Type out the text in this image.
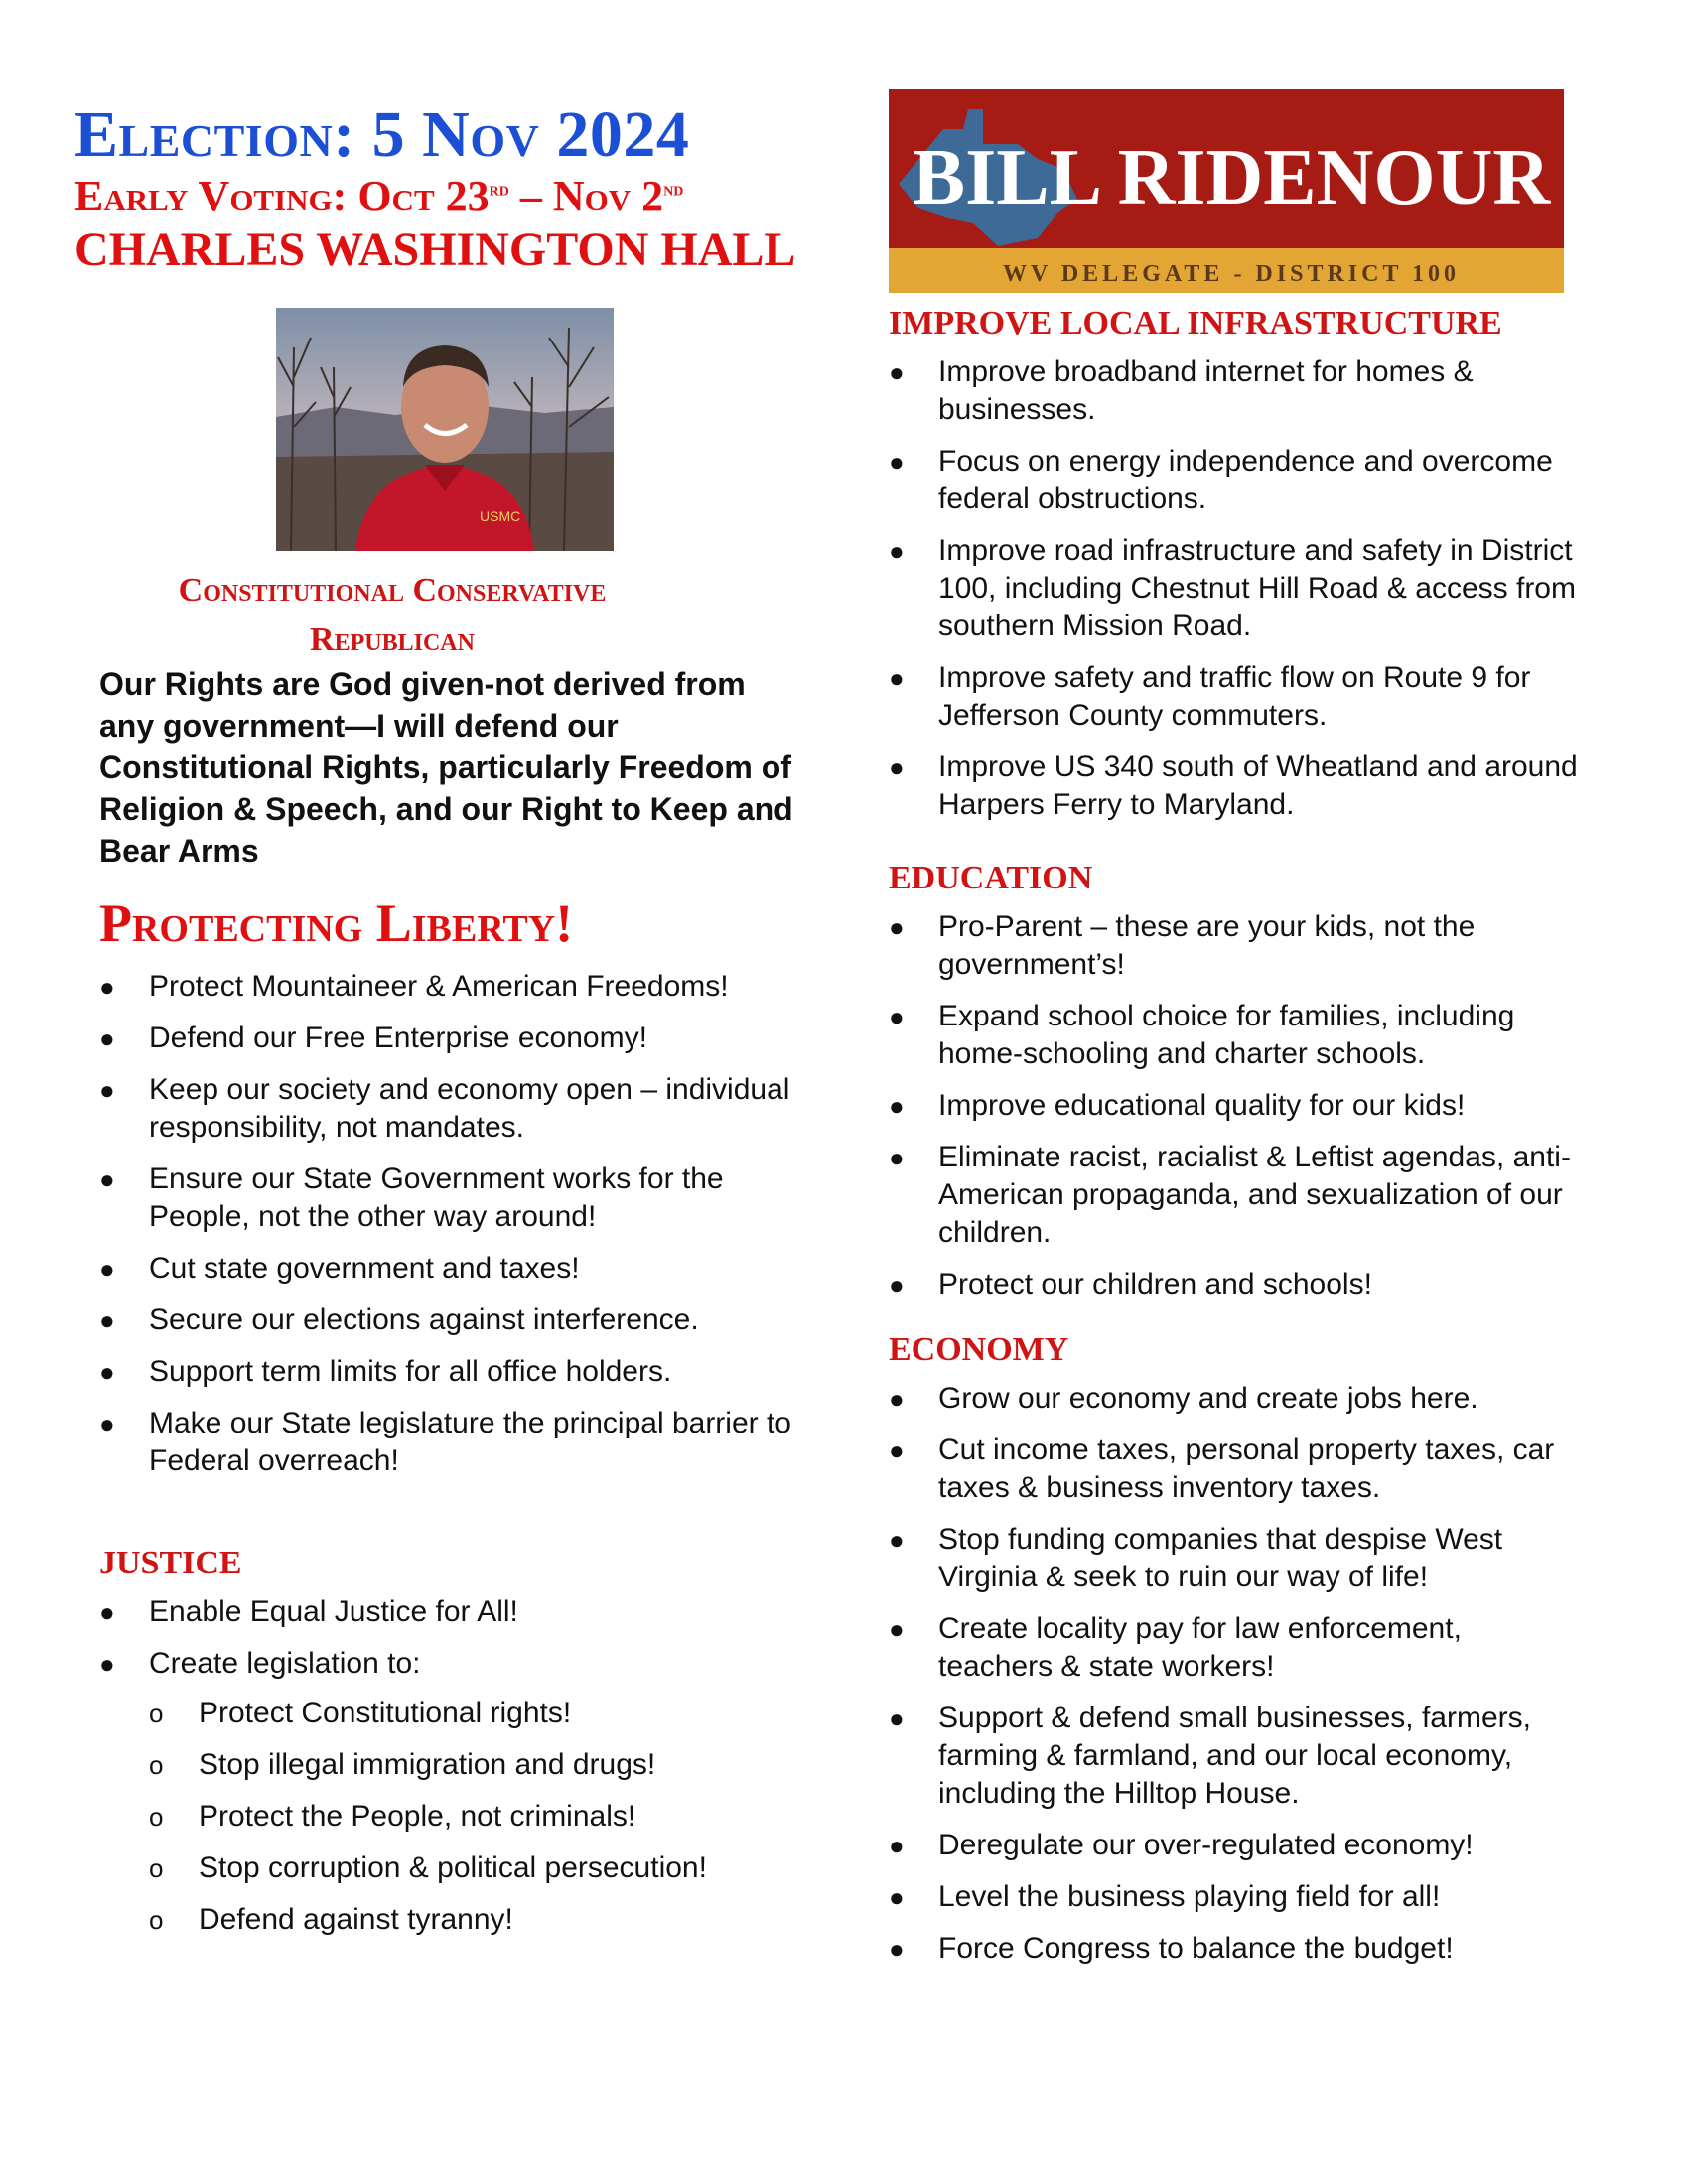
Election: 5 Nov 2024
Early Voting: Oct 23rd – Nov 2nd
CHARLES WASHINGTON HALL
USMC
Constitutional Conservative
Republican
Our Rights are God given-not derived from any government—I will defend our Constitutional Rights, particularly Freedom of Religion & Speech, and our Right to Keep and Bear Arms
Protecting Liberty!
● Protect Mountaineer & American Freedoms!
● Defend our Free Enterprise economy!
● Keep our society and economy open – individual responsibility, not mandates.
● Ensure our State Government works for the People, not the other way around!
● Cut state government and taxes!
● Secure our elections against interference.
● Support term limits for all office holders.
● Make our State legislature the principal barrier to Federal overreach!
JUSTICE
● Enable Equal Justice for All!
● Create legislation to:
o Protect Constitutional rights!
o Stop illegal immigration and drugs!
o Protect the People, not criminals!
o Stop corruption & political persecution!
o Defend against tyranny!
BILL RIDENOUR
WV DELEGATE - DISTRICT 100
IMPROVE LOCAL INFRASTRUCTURE
● Improve broadband internet for homes & businesses.
● Focus on energy independence and overcome federal obstructions.
● Improve road infrastructure and safety in District 100, including Chestnut Hill Road & access from southern Mission Road.
● Improve safety and traffic flow on Route 9 for Jefferson County commuters.
● Improve US 340 south of Wheatland and around Harpers Ferry to Maryland.
EDUCATION
● Pro-Parent – these are your kids, not the government’s!
● Expand school choice for families, including home-schooling and charter schools.
● Improve educational quality for our kids!
● Eliminate racist, racialist & Leftist agendas, anti-American propaganda, and sexualization of our children.
● Protect our children and schools!
ECONOMY
● Grow our economy and create jobs here.
● Cut income taxes, personal property taxes, car taxes & business inventory taxes.
● Stop funding companies that despise West Virginia & seek to ruin our way of life!
● Create locality pay for law enforcement, teachers & state workers!
● Support & defend small businesses, farmers, farming & farmland, and our local economy, including the Hilltop House.
● Deregulate our over-regulated economy!
● Level the business playing field for all!
● Force Congress to balance the budget!
